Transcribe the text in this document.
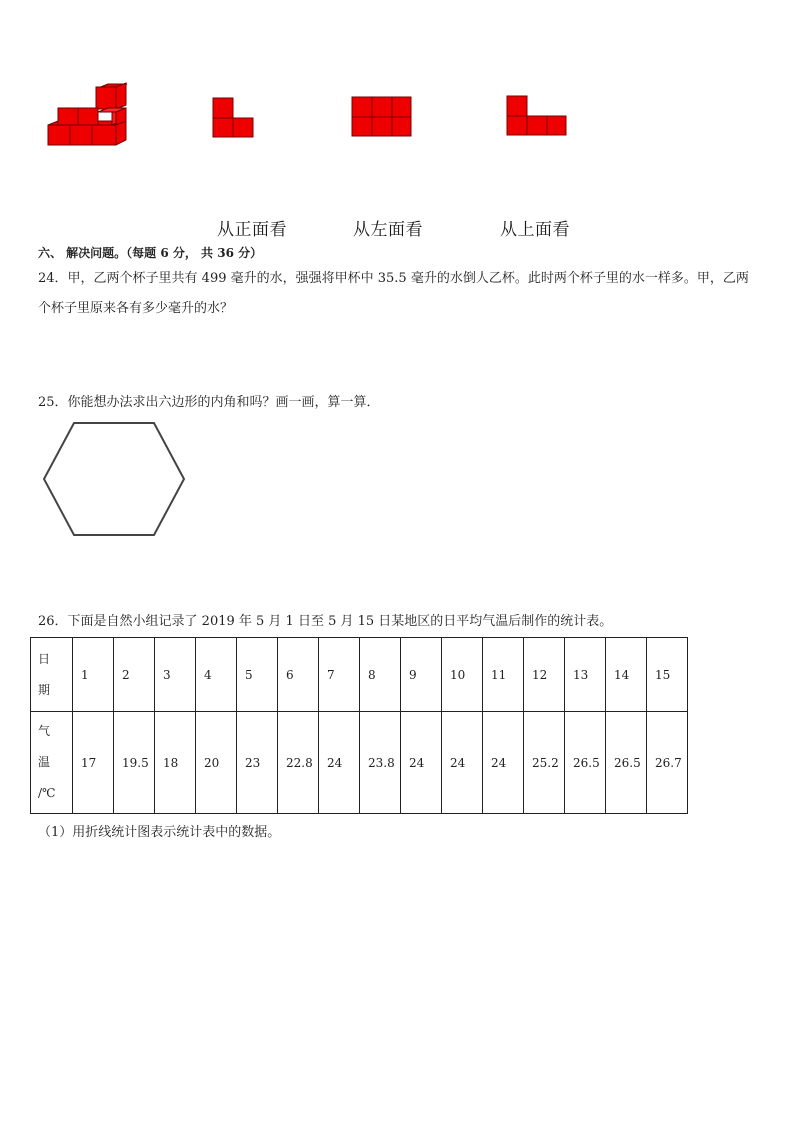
从正面看	从左面看	从上面看
六、 解决问题。（每题 6 分， 共 36 分）
24．甲，乙两个杯子里共有 499 毫升的水，强强将甲杯中 35.5 毫升的水倒人乙杯。此时两个杯子里的水一样多。甲，乙两个杯子里原来各有多少毫升的水？
25．你能想办法求出六边形的内角和吗？画一画，算一算．
26．下面是自然小组记录了 2019 年 5 月 1 日至 5 月 15 日某地区的日平均气温后制作的统计表。
日
期	1	2	3	4	5	6	7	8	9	10	11	12	13	14	15

气
温
/℃	17	19.5	18	20	23	22.8	24	23.8	24	24	24	25.2	26.5	26.5	26.7
（1）用折线统计图表示统计表中的数据。
